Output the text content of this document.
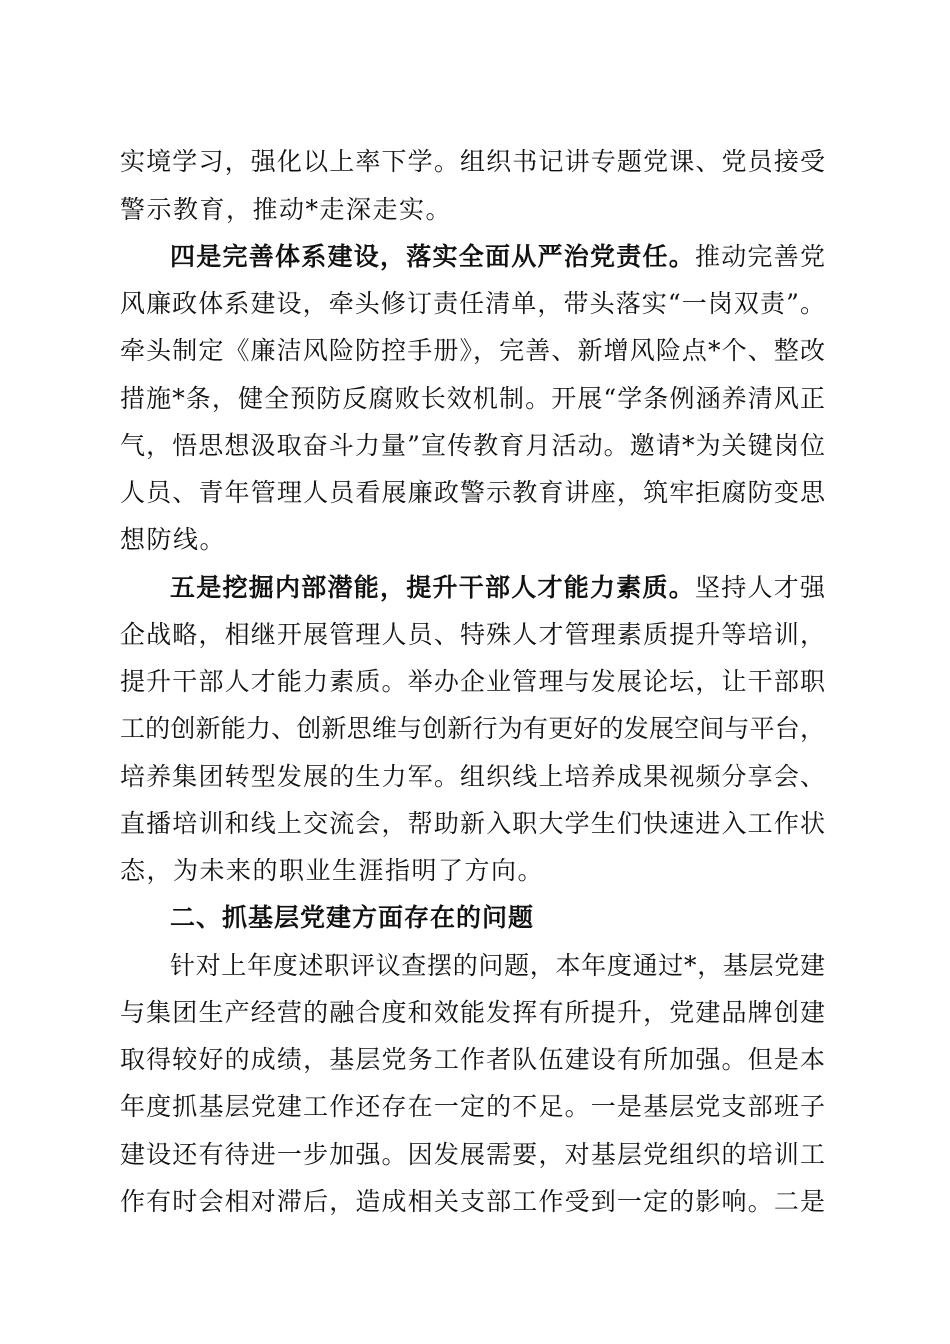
实境学习，强化以上率下学。组织书记讲专题党课、党员接受
警示教育，推动*走深走实。
四是完善体系建设，落实全面从严治党责任。推动完善党
风廉政体系建设，牵头修订责任清单，带头落实“一岗双责”。
牵头制定《廉洁风险防控手册》，完善、新增风险点*个、整改
措施*条，健全预防反腐败长效机制。开展“学条例涵养清风正
气，悟思想汲取奋斗力量”宣传教育月活动。邀请*为关键岗位
人员、青年管理人员看展廉政警示教育讲座，筑牢拒腐防变思
想防线。
五是挖掘内部潜能，提升干部人才能力素质。坚持人才强
企战略，相继开展管理人员、特殊人才管理素质提升等培训，
提升干部人才能力素质。举办企业管理与发展论坛，让干部职
工的创新能力、创新思维与创新行为有更好的发展空间与平台，
培养集团转型发展的生力军。组织线上培养成果视频分享会、
直播培训和线上交流会，帮助新入职大学生们快速进入工作状
态，为未来的职业生涯指明了方向。
二、抓基层党建方面存在的问题
针对上年度述职评议查摆的问题，本年度通过*，基层党建
与集团生产经营的融合度和效能发挥有所提升，党建品牌创建
取得较好的成绩，基层党务工作者队伍建设有所加强。但是本
年度抓基层党建工作还存在一定的不足。一是基层党支部班子
建设还有待进一步加强。因发展需要，对基层党组织的培训工
作有时会相对滞后，造成相关支部工作受到一定的影响。二是
